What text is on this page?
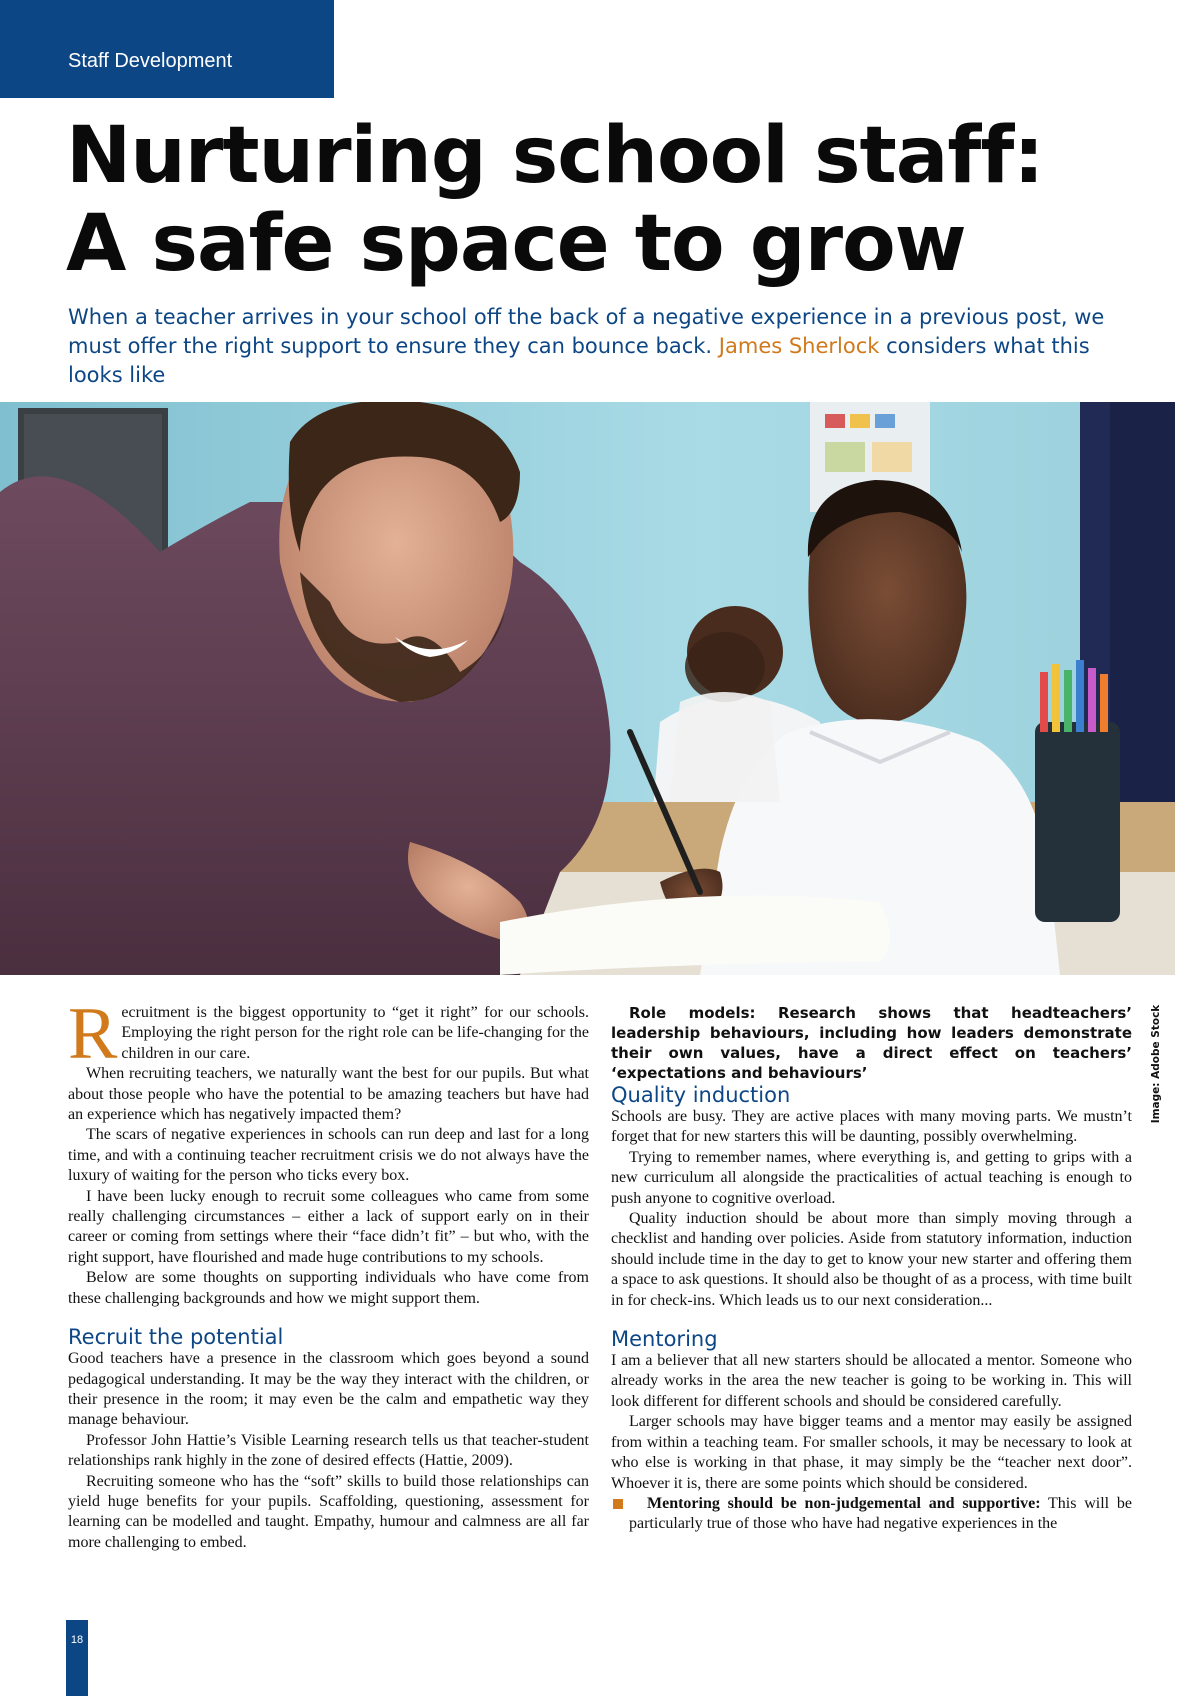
Staff Development
Nurturing school staff:
A safe space to grow

When a teacher arrives in your school off the back of a negative experience in a previous post, we must offer the right support to ensure they can bounce back. James Sherlock considers what this looks like

Image: Adobe Stock

Recruitment is the biggest opportunity to “get it right” for our schools. Employing the right person for the right role can be life-changing for the children in our care.

When recruiting teachers, we naturally want the best for our pupils. But what about those people who have the potential to be amazing teachers but have had an experience which has negatively impacted them?

The scars of negative experiences in schools can run deep and last for a long time, and with a continuing teacher recruitment crisis we do not always have the luxury of waiting for the person who ticks every box.

I have been lucky enough to recruit some colleagues who came from some really challenging circumstances – either a lack of support early on in their career or coming from settings where their “face didn’t fit” – but who, with the right support, have flourished and made huge contributions to my schools.

Below are some thoughts on supporting individuals who have come from these challenging backgrounds and how we might support them.

Recruit the potential

Good teachers have a presence in the classroom which goes beyond a sound pedagogical understanding. It may be the way they interact with the children, or their presence in the room; it may even be the calm and empathetic way they manage behaviour.

Professor John Hattie’s Visible Learning research tells us that teacher-student relationships rank highly in the zone of desired effects (Hattie, 2009).

Recruiting someone who has the “soft” skills to build those relationships can yield huge benefits for your pupils. Scaffolding, questioning, assessment for learning can be modelled and taught. Empathy, humour and calmness are all far more challenging to embed.

Role models: Research shows that headteachers’ leadership behaviours, including how leaders demonstrate their own values, have a direct effect on teachers’ ‘expectations and behaviours’

Quality induction

Schools are busy. They are active places with many moving parts. We mustn’t forget that for new starters this will be daunting, possibly overwhelming.

Trying to remember names, where everything is, and getting to grips with a new curriculum all alongside the practicalities of actual teaching is enough to push anyone to cognitive overload.

Quality induction should be about more than simply moving through a checklist and handing over policies. Aside from statutory information, induction should include time in the day to get to know your new starter and offering them a space to ask questions. It should also be thought of as a process, with time built in for check-ins. Which leads us to our next consideration...

Mentoring

I am a believer that all new starters should be allocated a mentor. Someone who already works in the area the new teacher is going to be working in. This will look different for different schools and should be considered carefully.

Larger schools may have bigger teams and a mentor may easily be assigned from within a teaching team. For smaller schools, it may be necessary to look at who else is working in that phase, it may simply be the “teacher next door”. Whoever it is, there are some points which should be considered.

Mentoring should be non-judgemental and supportive: This will be particularly true of those who have had negative experiences in the

18
